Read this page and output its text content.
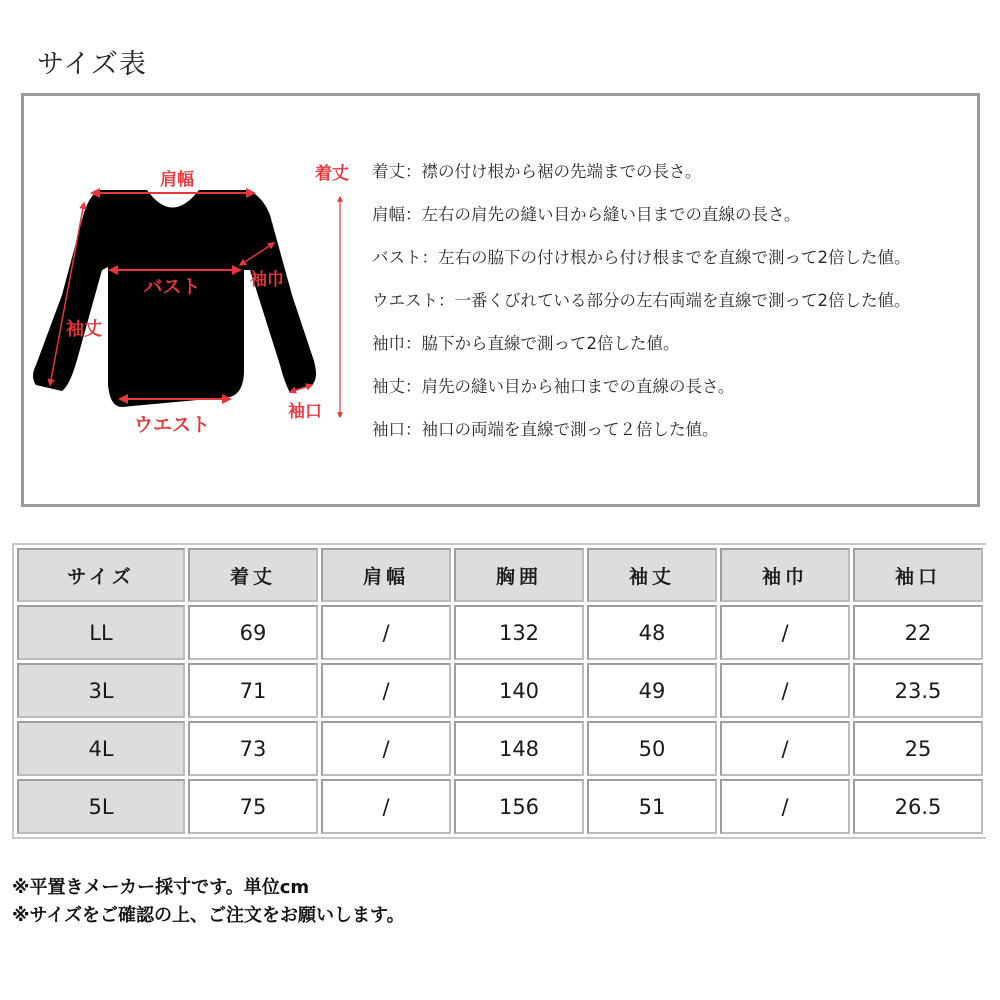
サイズ表
肩幅
バスト
ウエスト
袖丈
袖巾
袖口
着丈 着丈：襟の付け根から裾の先端までの長さ。
肩幅：左右の肩先の縫い目から縫い目までの直線の長さ。
バスト：左右の脇下の付け根から付け根までを直線で測って2倍した値。
ウエスト：一番くびれている部分の左右両端を直線で測って2倍した値。
袖巾：脇下から直線で測って2倍した値。
袖丈：肩先の縫い目から袖口までの直線の長さ。
袖口：袖口の両端を直線で測って２倍した値。
サイズ	着丈	肩幅	胸囲	袖丈	袖巾	袖口
LL	69	/	132	48	/	22
3L	71	/	140	49	/	23.5
4L	73	/	148	50	/	25
5L	75	/	156	51	/	26.5
※平置きメーカー採寸です。単位cm
※サイズをご確認の上、ご注文をお願いします。
